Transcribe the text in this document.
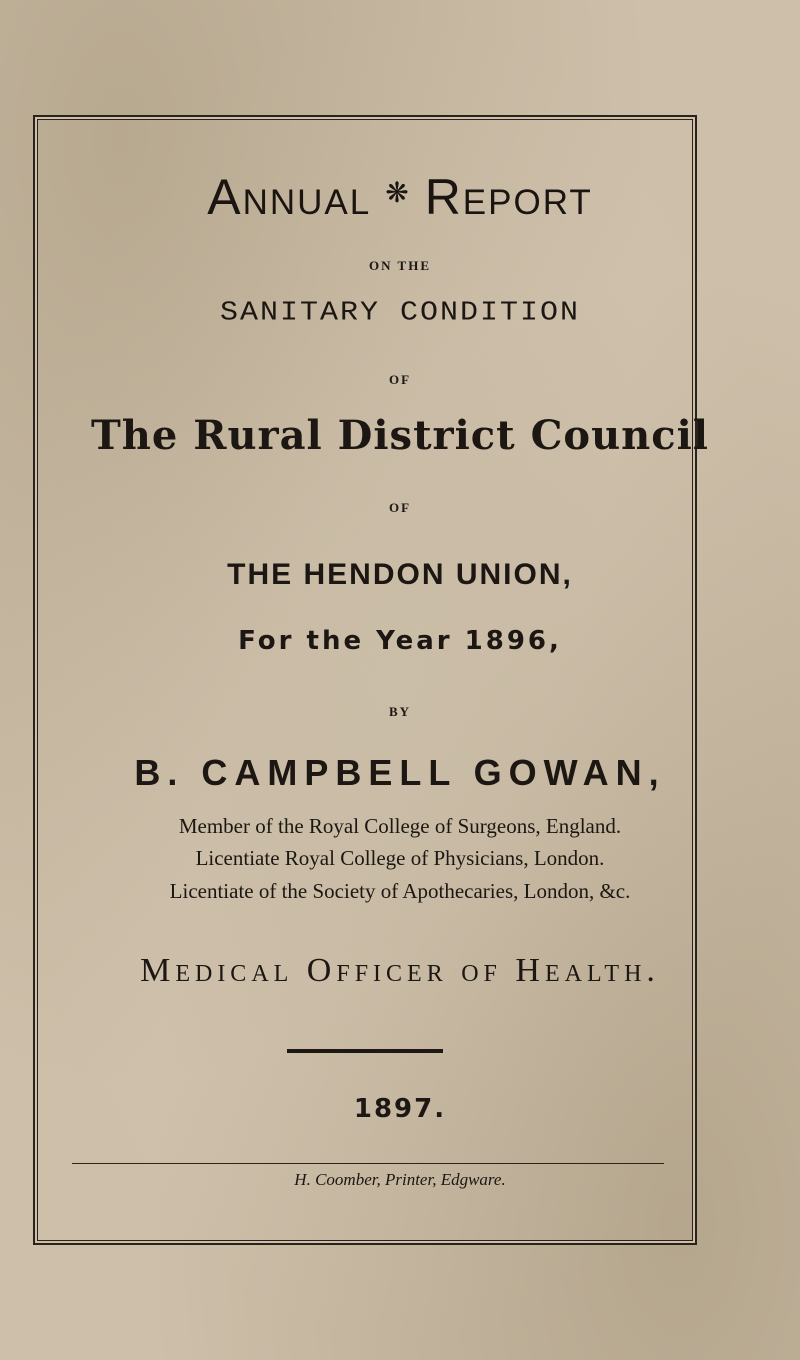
Annual ❋ Report
ON THE
SANITARY CONDITION
OF
The Rural District Council
OF
THE HENDON UNION,
For the Year 1896,
BY
B. CAMPBELL GOWAN,
Member of the Royal College of Surgeons, England.
Licentiate Royal College of Physicians, London.
Licentiate of the Society of Apothecaries, London, &c.
Medical Officer of Health.
1897.
H. Coomber, Printer, Edgware.
